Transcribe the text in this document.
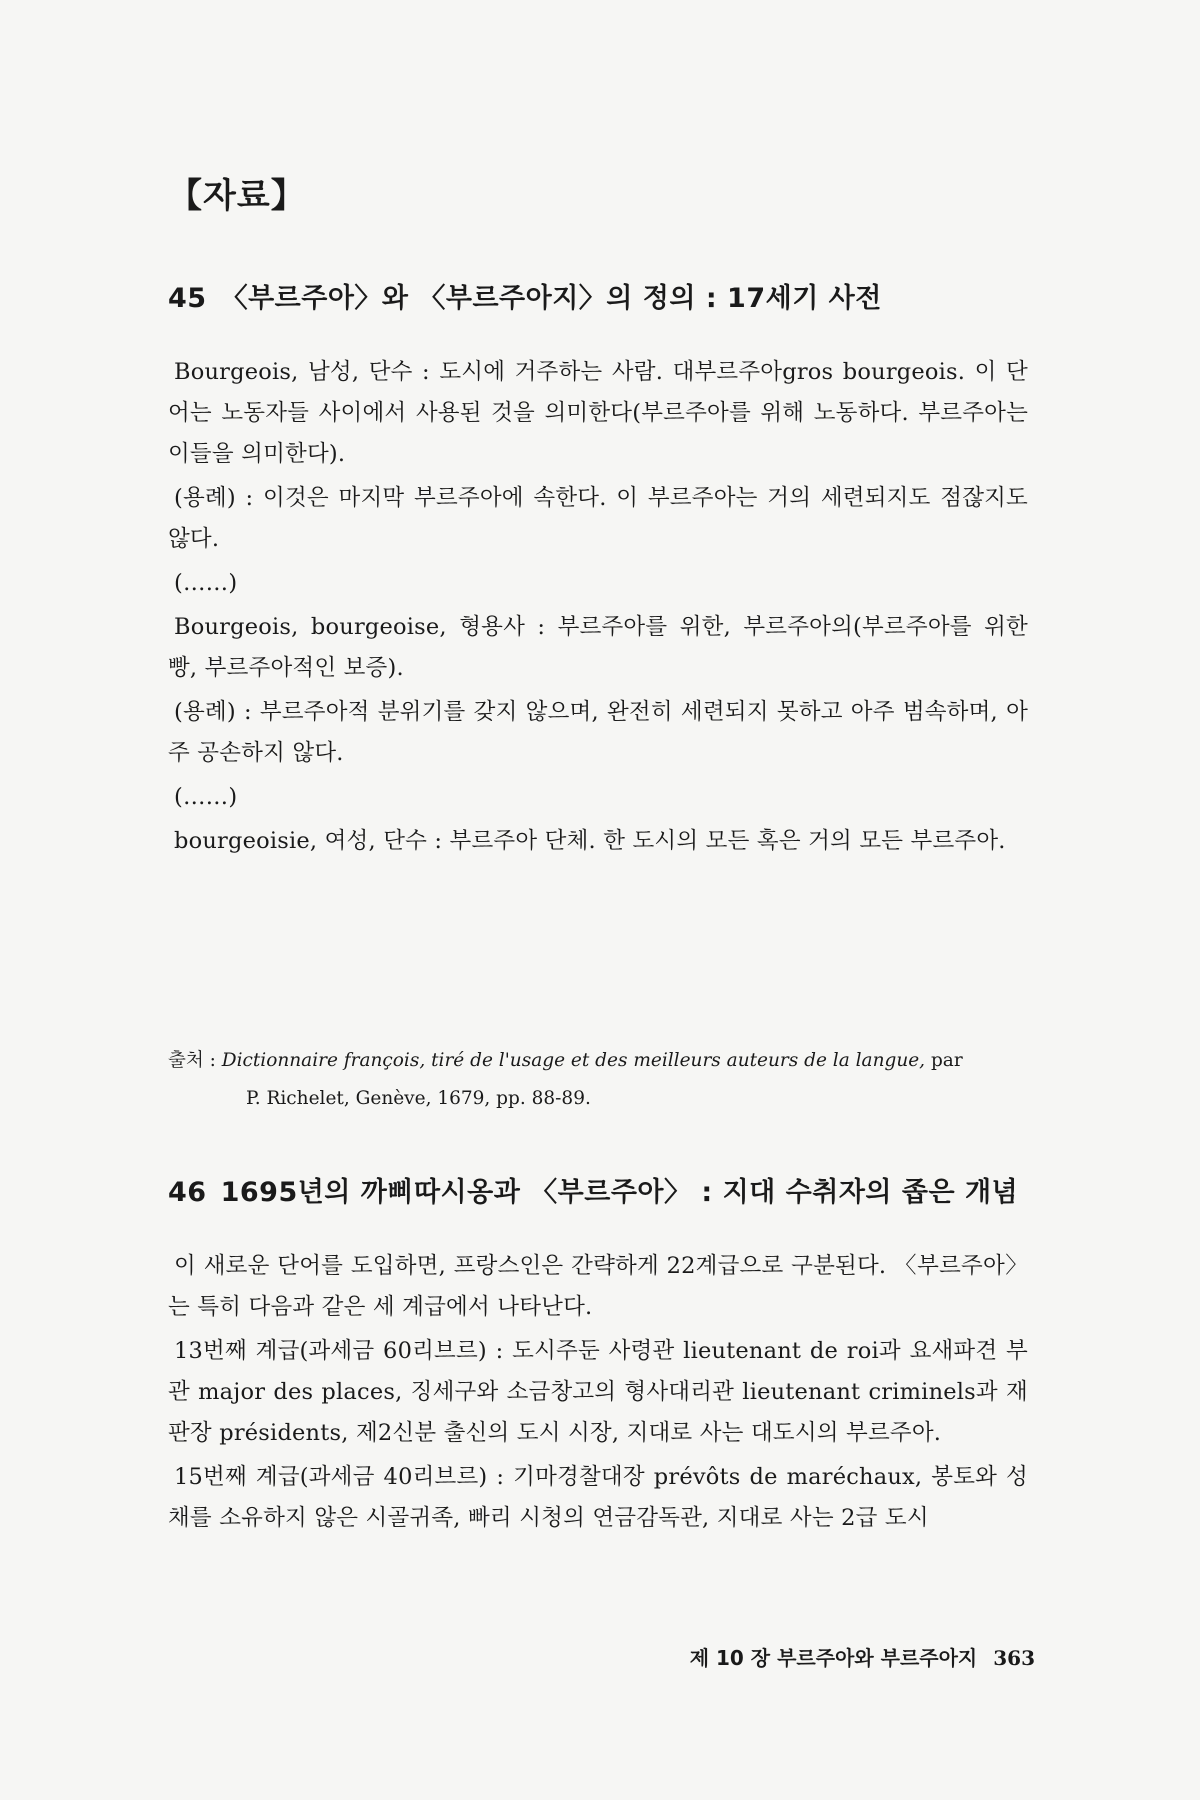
【자료】
45 〈부르주아〉와 〈부르주아지〉의 정의 : 17세기 사전

Bourgeois, 남성, 단수 : 도시에 거주하는 사람. 대부르주아gros bourgeois. 이 단어는 노동자들 사이에서 사용된 것을 의미한다(부르주아를 위해 노동하다. 부르주아는 이들을 의미한다).

(용례) : 이것은 마지막 부르주아에 속한다. 이 부르주아는 거의 세련되지도 점잖지도 않다.

(……)

Bourgeois, bourgeoise, 형용사 : 부르주아를 위한, 부르주아의(부르주아를 위한 빵, 부르주아적인 보증).

(용례) : 부르주아적 분위기를 갖지 않으며, 완전히 세련되지 못하고 아주 범속하며, 아주 공손하지 않다.

(……)

bourgeoisie, 여성, 단수 : 부르주아 단체. 한 도시의 모든 혹은 거의 모든 부르주아.

출처 : Dictionnaire françois, tiré de l'usage et des meilleurs auteurs de la langue, par
P. Richelet, Genève, 1679, pp. 88-89.
46 1695년의 까삐따시옹과 〈부르주아〉 : 지대 수취자의 좁은 개념

이 새로운 단어를 도입하면, 프랑스인은 간략하게 22계급으로 구분된다. 〈부르주아〉는 특히 다음과 같은 세 계급에서 나타난다.

13번째 계급(과세금 60리브르) : 도시주둔 사령관 lieutenant de roi과 요새파견 부관 major des places, 징세구와 소금창고의 형사대리관 lieutenant criminels과 재판장 présidents, 제2신분 출신의 도시 시장, 지대로 사는 대도시의 부르주아.

15번째 계급(과세금 40리브르) : 기마경찰대장 prévôts de maréchaux, 봉토와 성채를 소유하지 않은 시골귀족, 빠리 시청의 연금감독관, 지대로 사는 2급 도시

제 10 장 부르주아와 부르주아지 363
